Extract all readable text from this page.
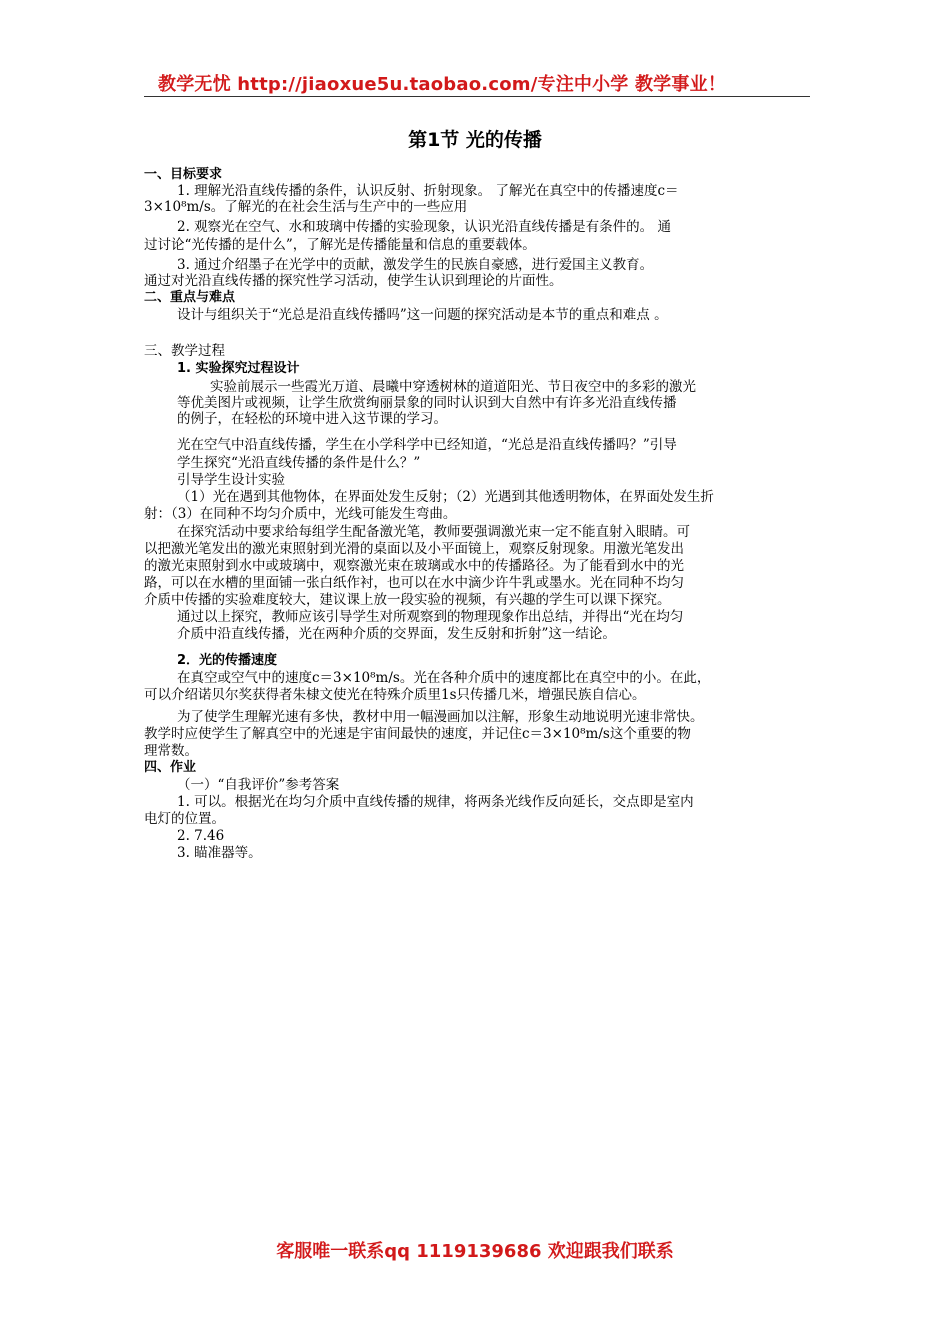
教学无忧 http://jiaoxue5u.taobao.com/专注中小学 教学事业！
第1节 光的传播
一、目标要求
1. 理解光沿直线传播的条件，认识反射、折射现象。 了解光在真空中的传播速度c＝
3×10⁸m/s。了解光的在社会生活与生产中的一些应用
2. 观察光在空气、水和玻璃中传播的实验现象，认识光沿直线传播是有条件的。 通
过讨论“光传播的是什么”，了解光是传播能量和信息的重要载体。
3. 通过介绍墨子在光学中的贡献，激发学生的民族自豪感，进行爱国主义教育。
通过对光沿直线传播的探究性学习活动，使学生认识到理论的片面性。
二、重点与难点
设计与组织关于“光总是沿直线传播吗”这一问题的探究活动是本节的重点和难点 。
三、教学过程
1. 实验探究过程设计
实验前展示一些霞光万道、晨曦中穿透树林的道道阳光、节日夜空中的多彩的激光
等优美图片或视频，让学生欣赏绚丽景象的同时认识到大自然中有许多光沿直线传播
的例子，在轻松的环境中进入这节课的学习。
光在空气中沿直线传播，学生在小学科学中已经知道，“光总是沿直线传播吗？”引导
学生探究“光沿直线传播的条件是什么？”
引导学生设计实验
（1）光在遇到其他物体，在界面处发生反射；（2）光遇到其他透明物体，在界面处发生折
射：（3）在同种不均匀介质中，光线可能发生弯曲。
在探究活动中要求给每组学生配备激光笔，教师要强调激光束一定不能直射入眼睛。可
以把激光笔发出的激光束照射到光滑的桌面以及小平面镜上，观察反射现象。用激光笔发出
的激光束照射到水中或玻璃中，观察激光束在玻璃或水中的传播路径。为了能看到水中的光
路，可以在水槽的里面铺一张白纸作衬，也可以在水中滴少许牛乳或墨水。光在同种不均匀
介质中传播的实验难度较大，建议课上放一段实验的视频，有兴趣的学生可以课下探究。
通过以上探究，教师应该引导学生对所观察到的物理现象作出总结，并得出“光在均匀
介质中沿直线传播，光在两种介质的交界面，发生反射和折射”这一结论。
2．光的传播速度
在真空或空气中的速度c＝3×10⁸m/s。光在各种介质中的速度都比在真空中的小。在此，
可以介绍诺贝尔奖获得者朱棣文使光在特殊介质里1s只传播几米，增强民族自信心。
为了使学生理解光速有多快，教材中用一幅漫画加以注解，形象生动地说明光速非常快。
教学时应使学生了解真空中的光速是宇宙间最快的速度，并记住c＝3×10⁸m/s这个重要的物
理常数。
四、作业
（一）“自我评价”参考答案
1. 可以。根据光在均匀介质中直线传播的规律，将两条光线作反向延长，交点即是室内
电灯的位置。
2. 7.46
3. 瞄准器等。
客服唯一联系qq 1119139686 欢迎跟我们联系
